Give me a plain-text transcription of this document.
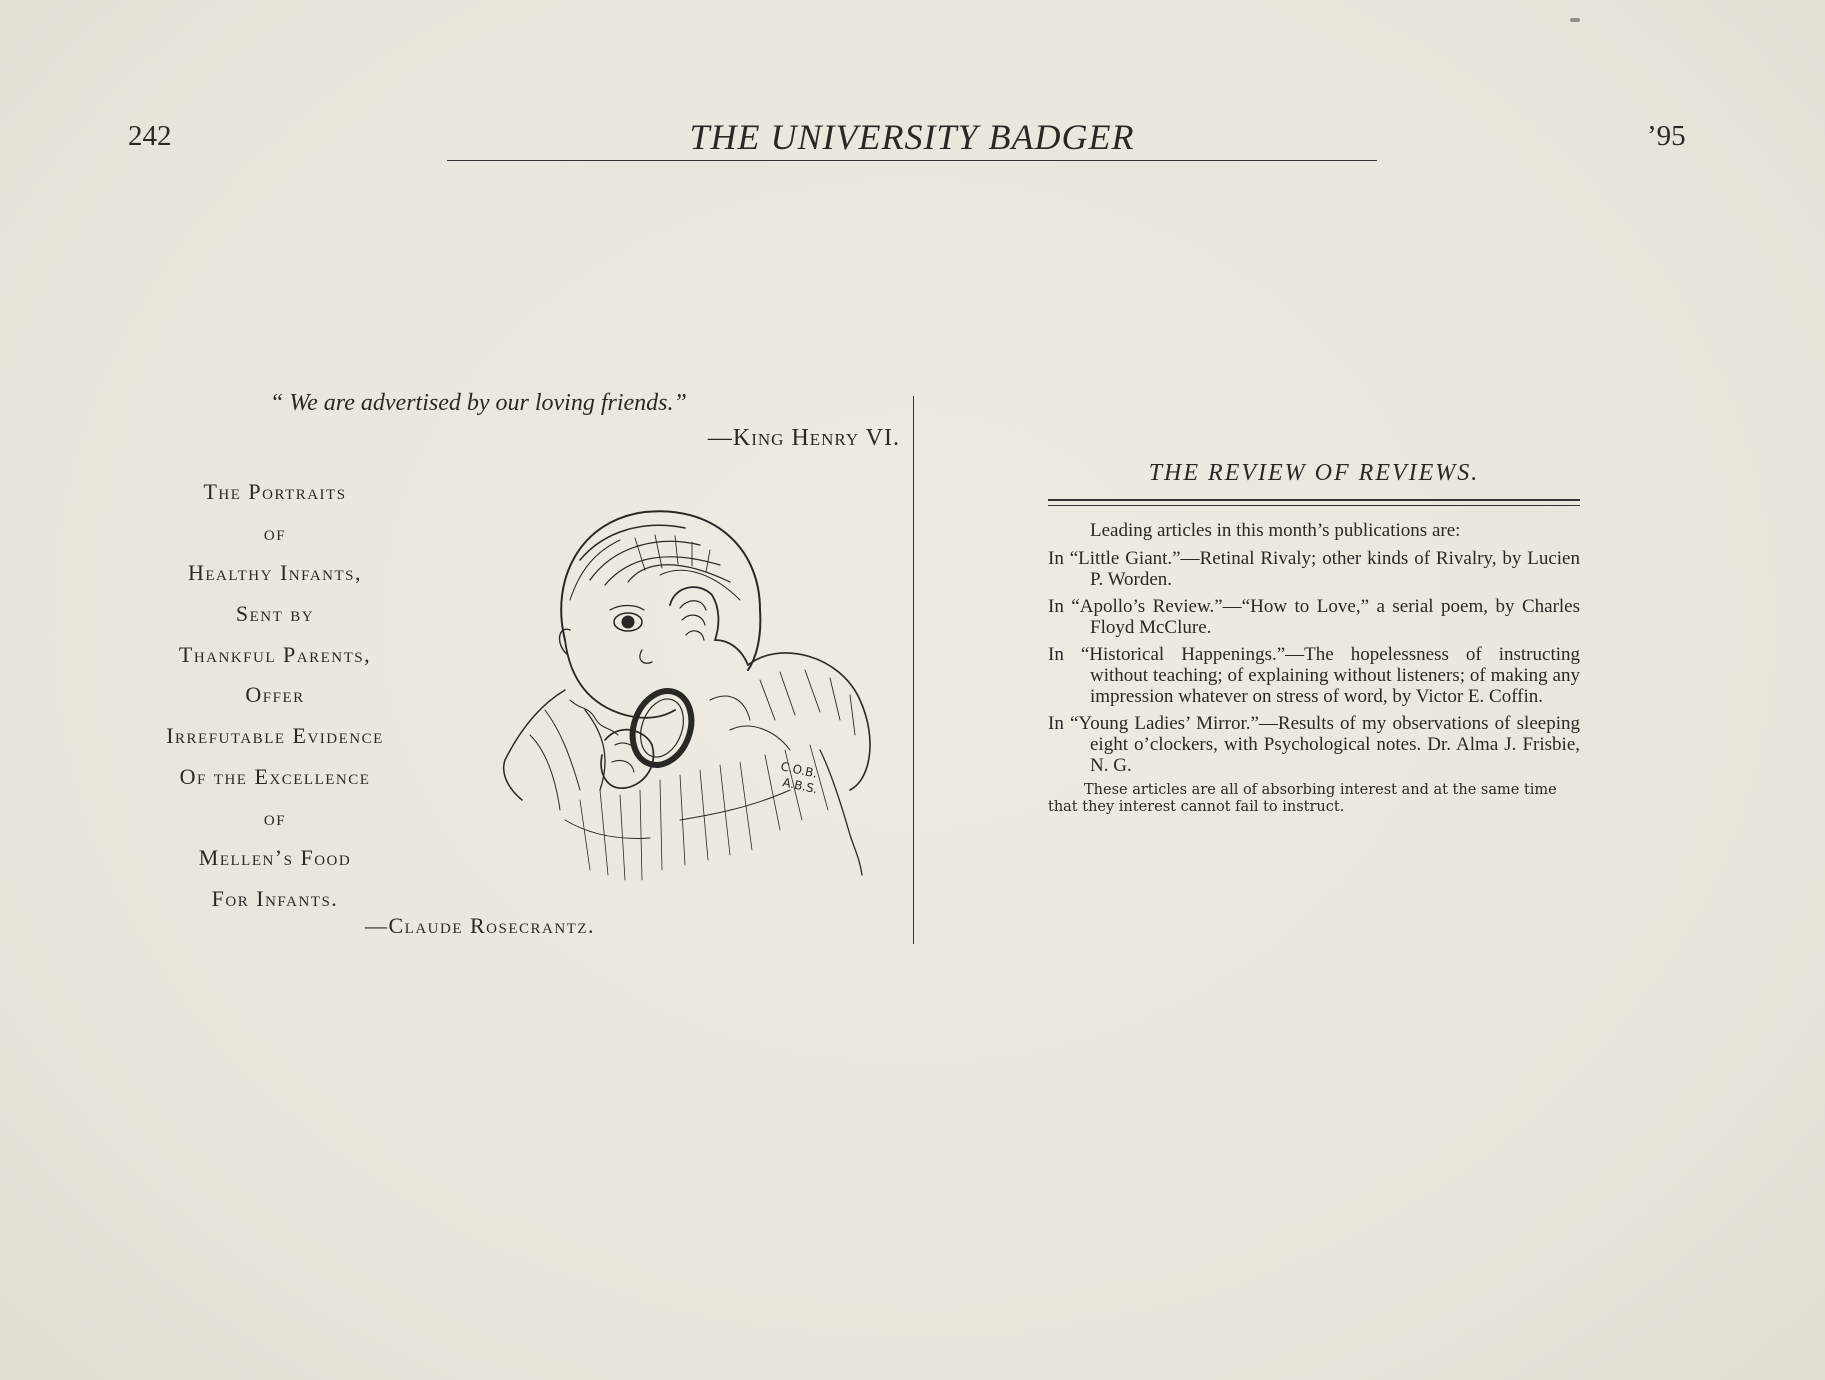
242	THE UNIVERSITY BADGER	’95
“ We are advertised by our loving friends.”
—King Henry VI.
The Portraits
of
Healthy Infants,
Sent by
Thankful Parents,
Offer
Irrefutable Evidence
Of the Excellence
of
Mellen’s Food
For Infants.
C.O.B.
A.B.S.
—Claude Rosecrantz.
THE REVIEW OF REVIEWS.
Leading articles in this month’s publications are:
In “Little Giant.”—Retinal Rivaly; other kinds of Rivalry, by Lucien P. Worden.
In “Apollo’s Review.”—“How to Love,” a serial poem, by Charles Floyd McClure.
In “Historical Happenings.”—The hopelessness of instructing without teaching; of explaining without listeners; of making any impression whatever on stress of word, by Victor E. Coffin.
In “Young Ladies’ Mirror.”—Results of my observations of sleeping eight o’clockers, with Psychological notes. Dr. Alma J. Frisbie, N. G.
These articles are all of absorbing interest and at the same time that they interest cannot fail to instruct.
